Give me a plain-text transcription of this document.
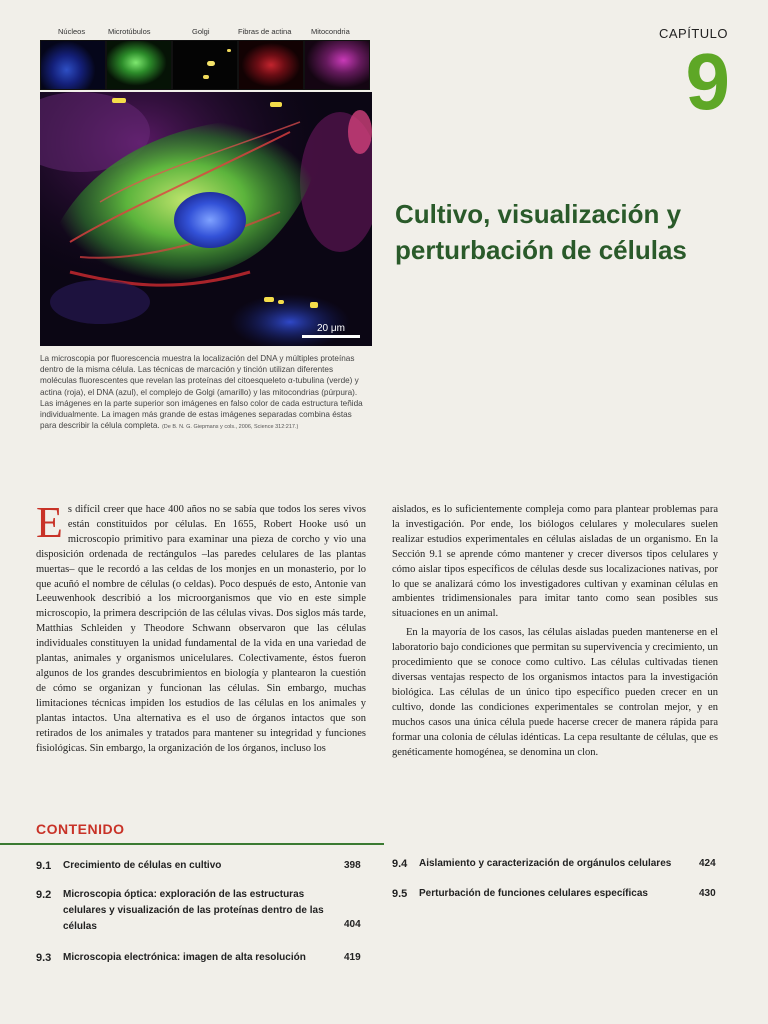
Núcleos	Microtúbulos	Golgi	Fibras de actina	Mitocondria
20 μm
La microscopia por fluorescencia muestra la localización del DNA y múltiples proteínas dentro de la misma célula. Las técnicas de marcación y tinción utilizan diferentes moléculas fluorescentes que revelan las proteínas del citoesqueleto α-tubulina (verde) y actina (roja), el DNA (azul), el complejo de Golgi (amarillo) y las mitocondrias (púrpura). Las imágenes en la parte superior son imágenes en falso color de cada estructura teñida individualmente. La imagen más grande de estas imágenes separadas combina éstas para describir la célula completa. (De B. N. G. Giepmans y cols., 2006, Science 312:217.)
CAPÍTULO
9
Cultivo, visualización y perturbación de células

Es difícil creer que hace 400 años no se sabía que todos los seres vivos están constituidos por células. En 1655, Robert Hooke usó un microscopio primitivo para examinar una pieza de corcho y vio una disposición ordenada de rectángulos –las paredes celulares de las plantas muertas– que le recordó a las celdas de los monjes en un monasterio, por lo que acuñó el nombre de células (o celdas). Poco después de esto, Antonie van Leeuwenhook describió a los microorganismos que vio en este simple microscopio, la primera descripción de las células vivas. Dos siglos más tarde, Matthias Schleiden y Theodore Schwann observaron que las células individuales constituyen la unidad fundamental de la vida en una variedad de plantas, animales y organismos unicelulares. Colectivamente, éstos fueron algunos de los grandes descubrimientos en biología y plantearon la cuestión de cómo se organizan y funcionan las células. Sin embargo, muchas limitaciones técnicas impiden los estudios de las células en los animales y plantas intactos. Una alternativa es el uso de órganos intactos que son retirados de los animales y tratados para mantener su integridad y funciones fisiológicas. Sin embargo, la organización de los órganos, incluso los

aislados, es lo suficientemente compleja como para plantear problemas para la investigación. Por ende, los biólogos celulares y moleculares suelen realizar estudios experimentales en células aisladas de un organismo. En la Sección 9.1 se aprende cómo mantener y crecer diversos tipos celulares y cómo aislar tipos específicos de células desde sus localizaciones nativas, por lo que se analizará cómo los investigadores cultivan y examinan células en ambientes tridimensionales para imitar tanto como sean posibles sus situaciones en un animal.

En la mayoría de los casos, las células aisladas pueden mantenerse en el laboratorio bajo condiciones que permitan su supervivencia y crecimiento, un procedimiento que se conoce como cultivo. Las células cultivadas tienen diversas ventajas respecto de los organismos intactos para la investigación biológica. Las células de un único tipo específico pueden crecer en un cultivo, donde las condiciones experimentales se controlan mejor, y en muchos casos una única célula puede hacerse crecer de manera rápida para formar una colonia de células idénticas. La cepa resultante de células, que es genéticamente homogénea, se denomina un clon.

CONTENIDO
9.1 Crecimiento de células en cultivo	398
9.2 Microscopia óptica: exploración de las estructuras celulares y visualización de las proteínas dentro de las células	404
9.3 Microscopia electrónica: imagen de alta resolución	419
9.4 Aislamiento y caracterización de orgánulos celulares	424
9.5 Perturbación de funciones celulares específicas	430
